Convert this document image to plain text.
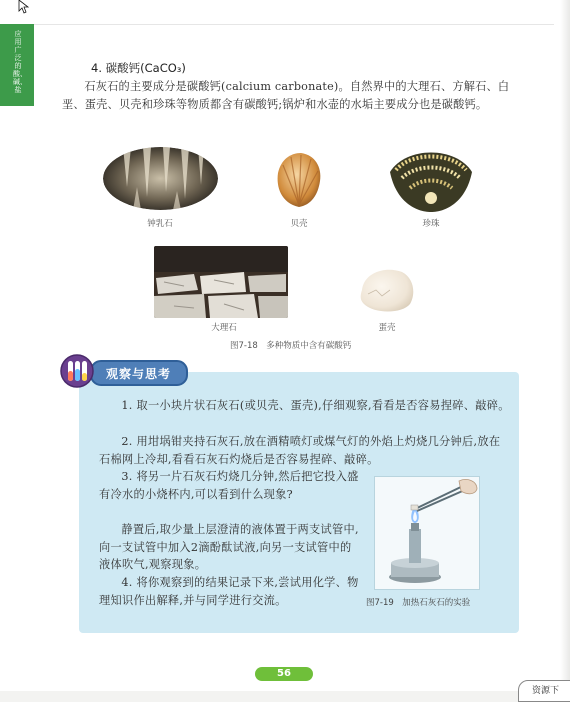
应用广泛的酸、碱、盐
4. 碳酸钙(CaCO₃)
石灰石的主要成分是碳酸钙(calcium carbonate)。自然界中的大理石、方解石、白垩、蛋壳、贝壳和珍珠等物质都含有碳酸钙;锅炉和水壶的水垢主要成分也是碳酸钙。
钟乳石	贝壳	珍珠
大理石	蛋壳
图7-18　多种物质中含有碳酸钙
观察与思考
1. 取一小块片状石灰石(或贝壳、蛋壳),仔细观察,看看是否容易捏碎、敲碎。
2. 用坩埚钳夹持石灰石,放在酒精喷灯或煤气灯的外焰上灼烧几分钟后,放在石棉网上冷却,看看石灰石灼烧后是否容易捏碎、敲碎。
3. 将另一片石灰石灼烧几分钟,然后把它投入盛有冷水的小烧杯内,可以看到什么现象?
静置后,取少量上层澄清的液体置于两支试管中,向一支试管中加入2滴酚酞试液,向另一支试管中的液体吹气,观察现象。
4. 将你观察到的结果记录下来,尝试用化学、物理知识作出解释,并与同学进行交流。	图7-19　加热石灰石的实验
56
资源下
